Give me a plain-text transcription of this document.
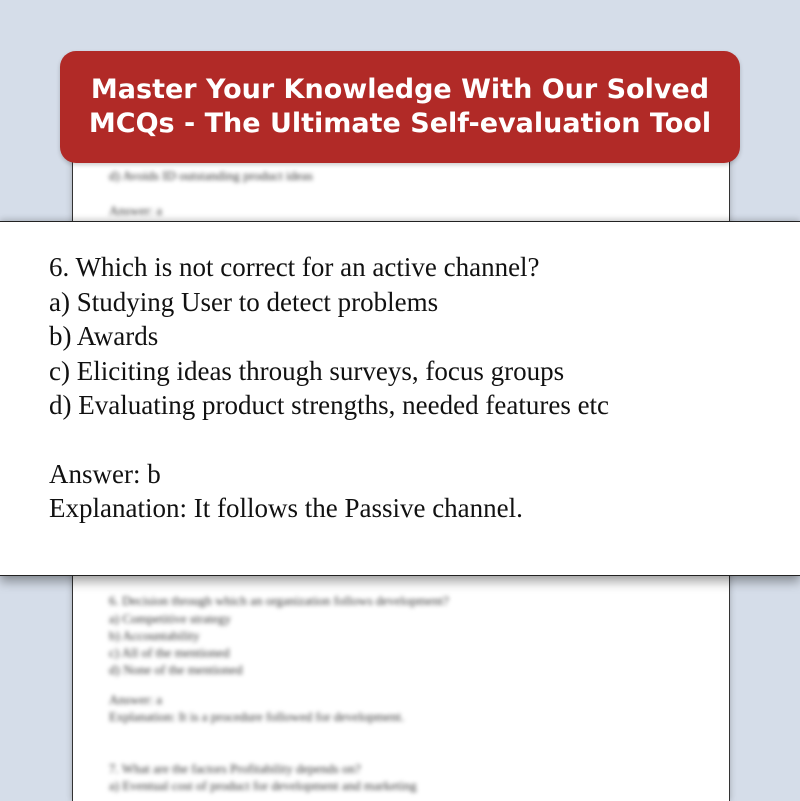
d) Avoids ID outstanding product ideas
Answer: a
6. Decision through which an organization follows development?
a) Competitive strategy
b) Accountability
c) All of the mentioned
d) None of the mentioned
Answer: a
Explanation: It is a procedure followed for development.
7. What are the factors Profitability depends on?
a) Eventual cost of product for development and marketing
Master Your Knowledge With Our Solved
MCQs - The Ultimate Self-evaluation Tool
6. Which is not correct for an active channel?
a) Studying User to detect problems
b) Awards
c) Eliciting ideas through surveys, focus groups
d) Evaluating product strengths, needed features etc
Answer: b
Explanation: It follows the Passive channel.
